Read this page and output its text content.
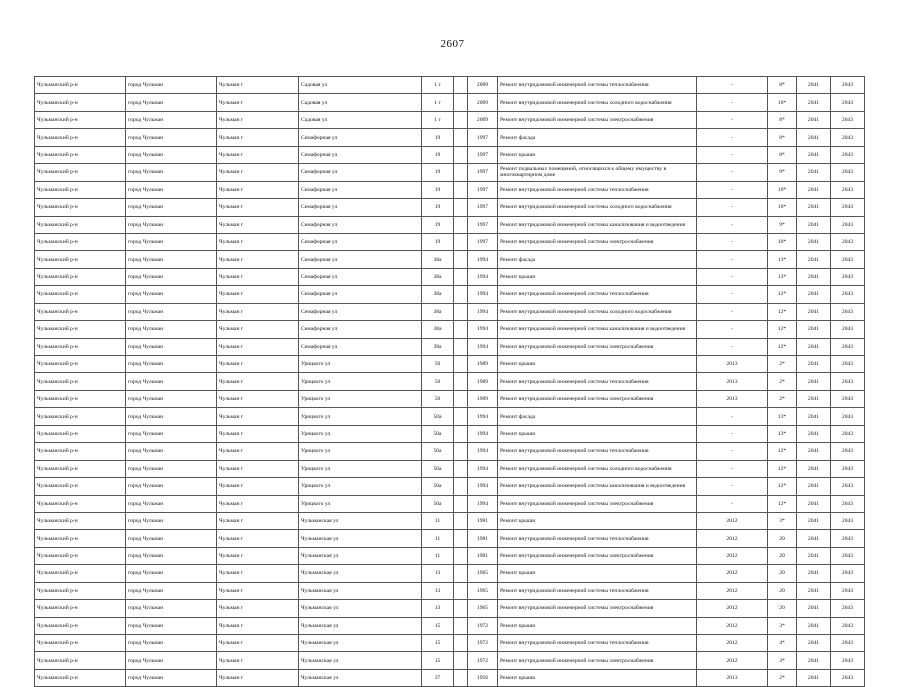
2607
Чульманский р-н	город Чульман	Чульман г	Садовая ул	1 г		2009	Ремонт внутридомовой инженерной системы теплоснабжения	-	8*	2041	2043
Чульманский р-н	город Чульман	Чульман г	Садовая ул	1 г		2009	Ремонт внутридомовой инженерной системы холодного водоснабжения	-	10*	2041	2043
Чульманский р-н	город Чульман	Чульман г	Садовая ул	1 г		2009	Ремонт внутридомовой инженерной системы электроснабжения	-	8*	2041	2043
Чульманский р-н	город Чульман	Чульман г	Семафорная ул	19		1997	Ремонт фасада	-	8*	2041	2043
Чульманский р-н	город Чульман	Чульман г	Семафорная ул	19		1997	Ремонт крыши	-	8*	2041	2043
Чульманский р-н	город Чульман	Чульман г	Семафорная ул	19		1997	Ремонт подвальных помещений, относящихся к общему имуществу в многоквартирном доме	-	9*	2041	2043
Чульманский р-н	город Чульман	Чульман г	Семафорная ул	19		1997	Ремонт внутридомовой инженерной системы теплоснабжения	-	10*	2041	2043
Чульманский р-н	город Чульман	Чульман г	Семафорная ул	19		1997	Ремонт внутридомовой инженерной системы холодного водоснабжения	-	10*	2041	2043
Чульманский р-н	город Чульман	Чульман г	Семафорная ул	19		1997	Ремонт внутридомовой инженерной системы канализования и водоотведения	-	9*	2041	2043
Чульманский р-н	город Чульман	Чульман г	Семафорная ул	19		1997	Ремонт внутридомовой инженерной системы электроснабжения	-	10*	2041	2043
Чульманский р-н	город Чульман	Чульман г	Семафорная ул	38а		1994	Ремонт фасада	-	13*	2041	2043
Чульманский р-н	город Чульман	Чульман г	Семафорная ул	38а		1994	Ремонт крыши	-	13*	2041	2043
Чульманский р-н	город Чульман	Чульман г	Семафорная ул	38а		1994	Ремонт внутридомовой инженерной системы теплоснабжения	-	12*	2041	2043
Чульманский р-н	город Чульман	Чульман г	Семафорная ул	38а		1994	Ремонт внутридомовой инженерной системы холодного водоснабжения	-	12*	2041	2043
Чульманский р-н	город Чульман	Чульман г	Семафорная ул	38а		1994	Ремонт внутридомовой инженерной системы канализования и водоотведения	-	12*	2041	2043
Чульманский р-н	город Чульман	Чульман г	Семафорная ул	38а		1994	Ремонт внутридомовой инженерной системы электроснабжения	-	12*	2041	2043
Чульманский р-н	город Чульман	Чульман г	Урицкого ул	50		1989	Ремонт крыши	2013	2*	2041	2043
Чульманский р-н	город Чульман	Чульман г	Урицкого ул	50		1989	Ремонт внутридомовой инженерной системы теплоснабжения	2013	2*	2041	2043
Чульманский р-н	город Чульман	Чульман г	Урицкого ул	50		1989	Ремонт внутридомовой инженерной системы электроснабжения	2013	2*	2041	2043
Чульманский р-н	город Чульман	Чульман г	Урицкого ул	50а		1994	Ремонт фасада	-	13*	2041	2043
Чульманский р-н	город Чульман	Чульман г	Урицкого ул	50а		1994	Ремонт крыши	-	13*	2041	2043
Чульманский р-н	город Чульман	Чульман г	Урицкого ул	50а		1994	Ремонт внутридомовой инженерной системы теплоснабжения	-	12*	2041	2043
Чульманский р-н	город Чульман	Чульман г	Урицкого ул	50а		1994	Ремонт внутридомовой инженерной системы холодного водоснабжения	-	12*	2041	2043
Чульманский р-н	город Чульман	Чульман г	Урицкого ул	50а		1994	Ремонт внутридомовой инженерной системы канализования и водоотведения	-	12*	2041	2043
Чульманский р-н	город Чульман	Чульман г	Урицкого ул	50а		1994	Ремонт внутридомовой инженерной системы электроснабжения	-	12*	2041	2043
Чульманский р-н	город Чульман	Чульман г	Чульманская ул	11		1981	Ремонт крыши	2012	3*	2041	2043
Чульманский р-н	город Чульман	Чульман г	Чульманская ул	11		1981	Ремонт внутридомовой инженерной системы теплоснабжения	2012	20	2041	2043
Чульманский р-н	город Чульман	Чульман г	Чульманская ул	11		1981	Ремонт внутридомовой инженерной системы электроснабжения	2012	20	2041	2043
Чульманский р-н	город Чульман	Чульман г	Чульманская ул	13		1965	Ремонт крыши	2012	20	2041	2043
Чульманский р-н	город Чульман	Чульман г	Чульманская ул	13		1965	Ремонт внутридомовой инженерной системы теплоснабжения	2012	20	2041	2043
Чульманский р-н	город Чульман	Чульман г	Чульманская ул	13		1965	Ремонт внутридомовой инженерной системы электроснабжения	2012	20	2041	2043
Чульманский р-н	город Чульман	Чульман г	Чульманская ул	15		1972	Ремонт крыши	2012	3*	2041	2043
Чульманский р-н	город Чульман	Чульман г	Чульманская ул	15		1972	Ремонт внутридомовой инженерной системы теплоснабжения	2012	4*	2041	2043
Чульманский р-н	город Чульман	Чульман г	Чульманская ул	15		1972	Ремонт внутридомовой инженерной системы электроснабжения	2012	3*	2041	2043
Чульманский р-н	город Чульман	Чульман г	Чульманская ул	37		1956	Ремонт крыши	2013	2*	2041	2043
